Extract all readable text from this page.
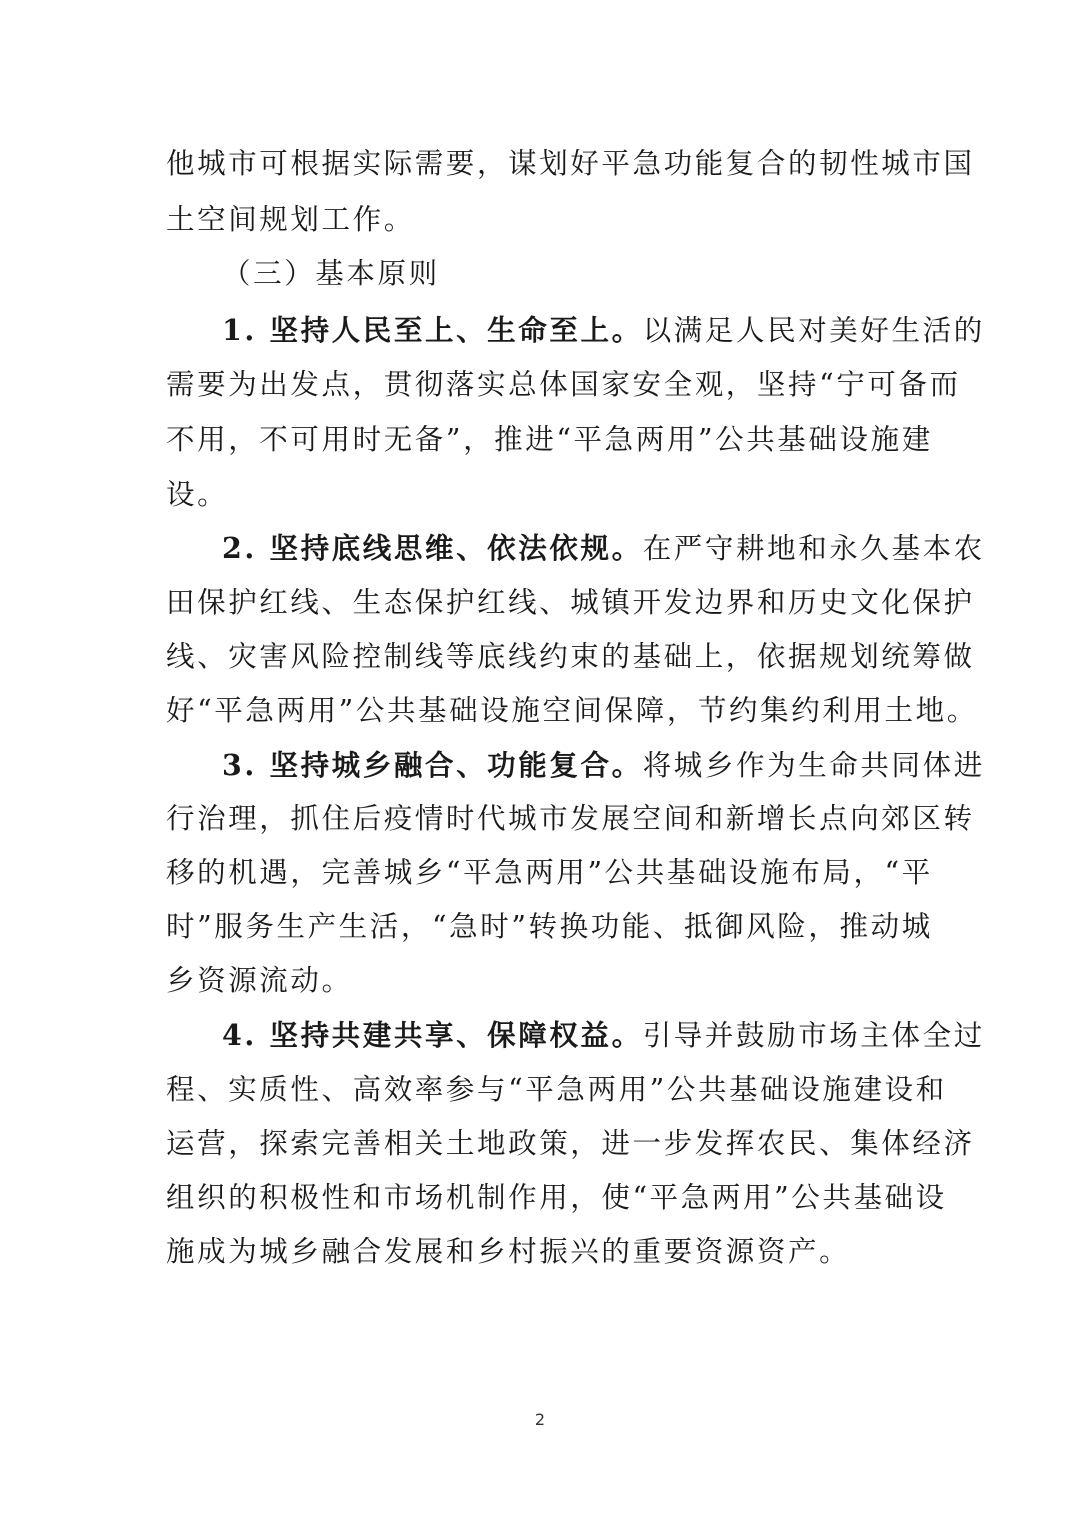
他城市可根据实际需要，谋划好平急功能复合的韧性城市国
土空间规划工作。
（三）基本原则
1. 坚持人民至上、生命至上。以满足人民对美好生活的
需要为出发点，贯彻落实总体国家安全观，坚持“宁可备而
不用，不可用时无备”，推进“平急两用”公共基础设施建
设。
2. 坚持底线思维、依法依规。在严守耕地和永久基本农
田保护红线、生态保护红线、城镇开发边界和历史文化保护
线、灾害风险控制线等底线约束的基础上，依据规划统筹做
好“平急两用”公共基础设施空间保障，节约集约利用土地。
3. 坚持城乡融合、功能复合。将城乡作为生命共同体进
行治理，抓住后疫情时代城市发展空间和新增长点向郊区转
移的机遇，完善城乡“平急两用”公共基础设施布局，“平
时”服务生产生活，“急时”转换功能、抵御风险，推动城
乡资源流动。
4. 坚持共建共享、保障权益。引导并鼓励市场主体全过
程、实质性、高效率参与“平急两用”公共基础设施建设和
运营，探索完善相关土地政策，进一步发挥农民、集体经济
组织的积极性和市场机制作用，使“平急两用”公共基础设
施成为城乡融合发展和乡村振兴的重要资源资产。
2
